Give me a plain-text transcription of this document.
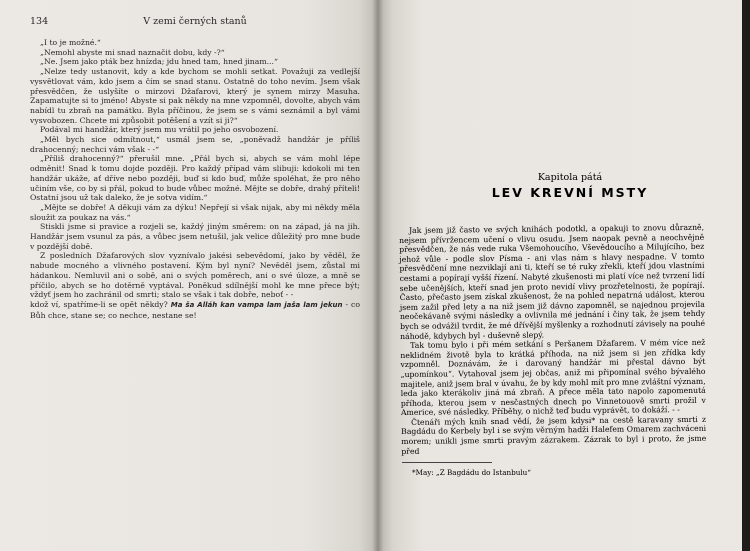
134	V zemi černých stanů

„I to je možné.“

„Nemohl abyste mi snad naznačit dobu, kdy -?“

„Ne. Jsem jako pták bez hnízda; jdu hned tam, hned jinam...“

„Nelze tedy ustanovit, kdy a kde bychom se mohli setkat. Považuji za vedlejší vysvětlovat vám, kdo jsem a čím se snad stanu. Ostatně do toho nevím. Jsem však přesvědčen, že uslyšíte o mirzovi Džafarovi, který je synem mirzy Masuha. Zapamatujte si to jméno! Abyste si pak někdy na mne vzpomněl, dovolte, abych vám nabídl tu zbraň na památku. Byla příčinou, že jsem se s vámi seznámil a byl vámi vysvobozen. Chcete mi způsobit potěšení a vzít si ji?“

Podával mi handžár, který jsem mu vrátil po jeho osvobození.

„Měl bych sice odmítnout,“ usmál jsem se, „poněvadž handžár je příliš drahocenný; nechci vám však - -“

„Příliš drahocenný?“ přerušil mne. „Přál bych si, abych se vám mohl lépe odměnit! Snad k tomu dojde později. Pro každý případ vám slibuji: kdokoli mi ten handžár ukáže, ať dříve nebo později, buď si kdo buď, může spoléhat, že pro něho učiním vše, co by si přál, pokud to bude vůbec možné. Mějte se dobře, drahý příteli! Ostatní jsou už tak daleko, že je sotva vidím.“

„Mějte se dobře! A děkuji vám za dýku! Nepřejí si však nijak, aby mi někdy měla sloužit za poukaz na vás.“

Stiskli jsme si pravice a rozjeli se, každý jiným směrem: on na západ, já na jih. Handžár jsem vsunul za pás, a vůbec jsem netušil, jak velice důležitý pro mne bude v pozdější době.

Z posledních Džafarových slov vyznívalo jakési sebevědomí, jako by věděl, že nabude mocného a vlivného postavení. Kým byl nyní? Nevěděl jsem, zůstal mi hádankou. Nemluvil ani o sobě, ani o svých poměrech, ani o své úloze, a mně se příčilo, abych se ho dotěrně vyptával. Poněkud sdílnější mohl ke mne přece být; vždyť jsem ho zachránil od smrti; stalo se však i tak dobře, neboť - -

kdož ví, spatříme-li se opět někdy? Ma ša Alláh kan vampa lam jaša lam jekun - co Bůh chce, stane se; co nechce, nestane se!

Kapitola pátá
LEV KREVNÍ MSTY

Jak jsem již často ve svých knihách podotkl, a opakuji to znovu důrazně, nejsem přívržencem učení o vlivu osudu. Jsem naopak pevně a neochvějně přesvědčen, že nás vede ruka Všemohoucího, Vševědoucího a Milujícího, bez jehož vůle - podle slov Písma - ani vlas nám s hlavy nespadne. V tomto přesvědčení mne nezviklají ani ti, kteří se té ruky zřekli, kteří jdou vlastními cestami a popírají vyšší řízení. Nabyté zkušenosti mi platí více než tvrzení lidí sebe učenějších, kteří snad jen proto nevidí vlivy prozřetelnosti, že popírají. Často, přečasto jsem získal zkušenost, že na pohled nepatrná událost, kterou jsem zažil před lety a na niž jsem již dávno zapomněl, se najednou projevila neočekávaně svými následky a ovlivnila mé jednání i činy tak, že jsem tehdy bych se odvážil tvrdit, že mé dřívější myšlenky a rozhodnutí závisely na pouhé náhodě, kdybych byl - duševně slepý.

Tak tomu bylo i při mém setkání s Peršanem Džafarem. V mém více než neklidném životě byla to krátká příhoda, na niž jsem si jen zřídka kdy vzpomněl. Doznávám, že i darovaný handžár mi přestal dávno být „upomínkou“. Vytahoval jsem jej občas, aniž mi připomínal svého bývalého majitele, aniž jsem bral v úvahu, že by kdy mohl mít pro mne zvláštní význam, leda jako kterákoliv jiná má zbraň. A přece měla tato napolo zapomenutá příhoda, kterou jsem v nesčastných dnech po Vinnetouově smrti prožil v Americe, své následky. Příběhy, o nichž teď budu vyprávět, to dokáží. - -

Čtenáři mých knih snad vědí, že jsem kdysi* na cestě karavany smrti z Bagdádu do Kerbely byl i se svým věrným hadži Halefem Omarem zachváceni morem; unikli jsme smrti pravým zázrakem. Zázrak to byl i proto, že jsme před

*May: „Z Bagdádu do Istanbulu“
